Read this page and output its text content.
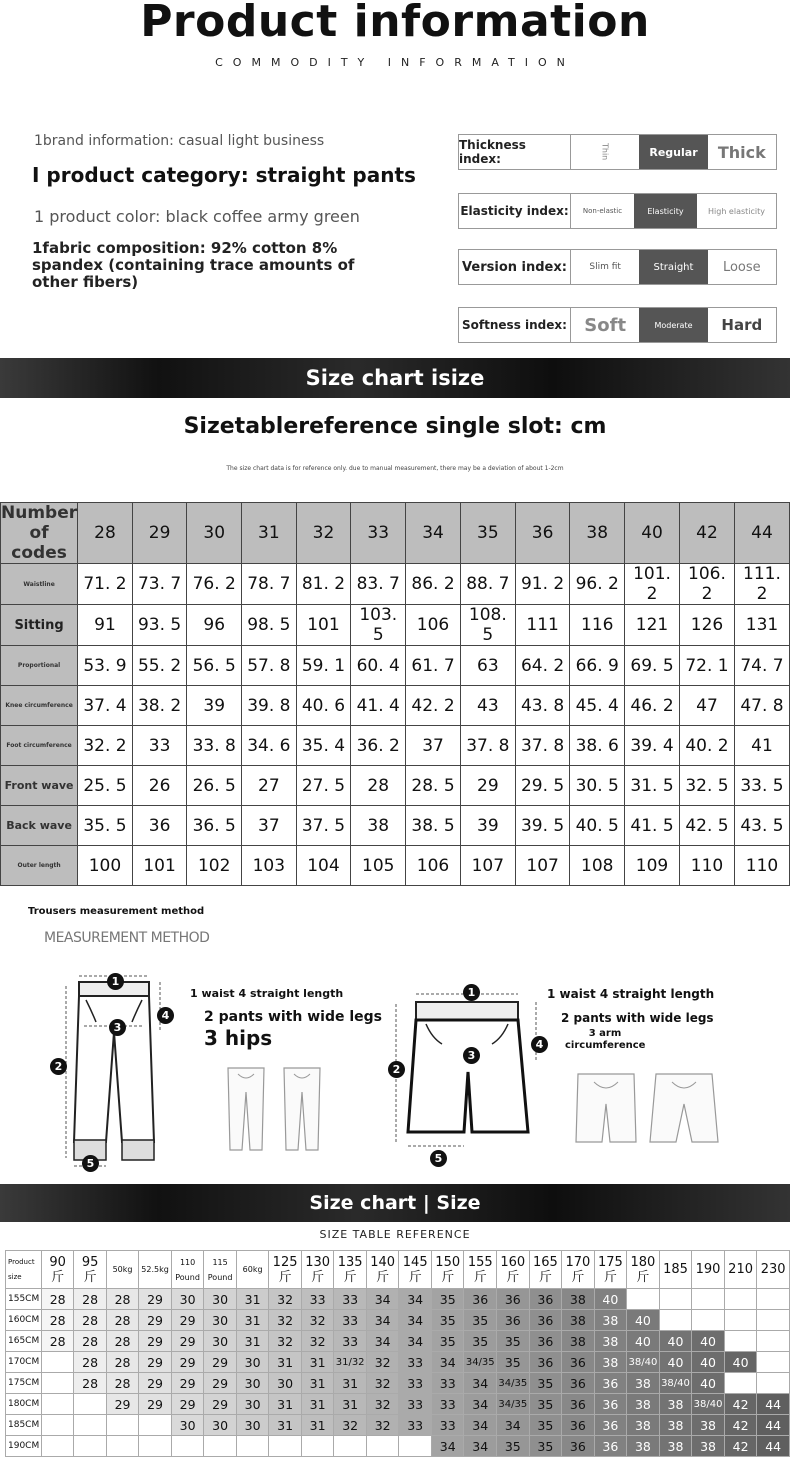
Product information
COMMODITY INFORMATION
1brand information: casual light business
I product category: straight pants
1 product color: black coffee army green
1fabric composition: 92% cotton 8% spandex (containing trace amounts of other fibers)
Thickness index:	Thin	Regular	Thick
Elasticity index:	Non-elastic	Elasticity	High elasticity
Version index:	Slim fit	Straight	Loose
Softness index: Soft	Moderate	Hard
Size chart isize
Sizetablereference single slot: cm
The size chart data is for reference only. due to manual measurement, there may be a deviation of about 1-2cm
Number of codes	28	29	30	31	32	33	34	35	36	38	40	42	44
Waistline	71. 2	73. 7	76. 2	78. 7	81. 2	83. 7	86. 2	88. 7	91. 2	96. 2	101. 2	106. 2	111. 2
Sitting	91	93. 5	96	98. 5	101	103. 5	106	108. 5	111	116	121	126	131
Proportional	53. 9	55. 2	56. 5	57. 8	59. 1	60. 4	61. 7	63	64. 2	66. 9	69. 5	72. 1	74. 7
Knee circumference	37. 4	38. 2	39	39. 8	40. 6	41. 4	42. 2	43	43. 8	45. 4	46. 2	47	47. 8
Foot circumference	32. 2	33	33. 8	34. 6	35. 4	36. 2	37	37. 8	37. 8	38. 6	39. 4	40. 2	41
Front wave	25. 5	26	26. 5	27	27. 5	28	28. 5	29	29. 5	30. 5	31. 5	32. 5	33. 5
Back wave	35. 5	36	36. 5	37	37. 5	38	38. 5	39	39. 5	40. 5	41. 5	42. 5	43. 5
Outer length	100	101	102	103	104	105	106	107	107	108	109	110	110
Trousers measurement method
MEASUREMENT METHOD
1
2
3
4
5
1 waist 4 straight length
2 pants with wide legs
3 hips
1
2
3
4
5
1 waist 4 straight length
2 pants with wide legs
3 arm circumference
Size chart | Size
SIZE TABLE REFERENCE
Product size	90 斤	95 斤	50kg	52.5kg	110 Pound	115 Pound	60kg	125 斤	130 斤	135 斤	140 斤	145 斤	150 斤	155 斤	160 斤	165 斤	170 斤	175 斤	180 斤	185	190	210	230
155CM	28	28	28	29	30	30	31	32	33	33	34	34	35	36	36	36	38	40					
160CM	28	28	28	29	29	30	31	32	32	33	34	34	35	35	36	36	38	38	40				
165CM	28	28	28	29	29	30	31	32	32	33	34	34	35	35	35	36	38	38	40	40	40		
170CM		28	28	29	29	29	30	31	31	31/32	32	33	34	34/35	35	36	36	38	38/40	40	40	40	
175CM		28	28	29	29	29	30	30	31	31	32	33	33	34	34/35	35	36	36	38	38/40	40		
180CM			29	29	29	29	30	31	31	31	32	33	33	34	34/35	35	36	36	38	38	38/40	42	44
185CM					30	30	30	31	31	32	32	33	33	34	34	35	36	36	38	38	38	42	44
190CM													34	34	35	35	36	36	38	38	38	42	44
